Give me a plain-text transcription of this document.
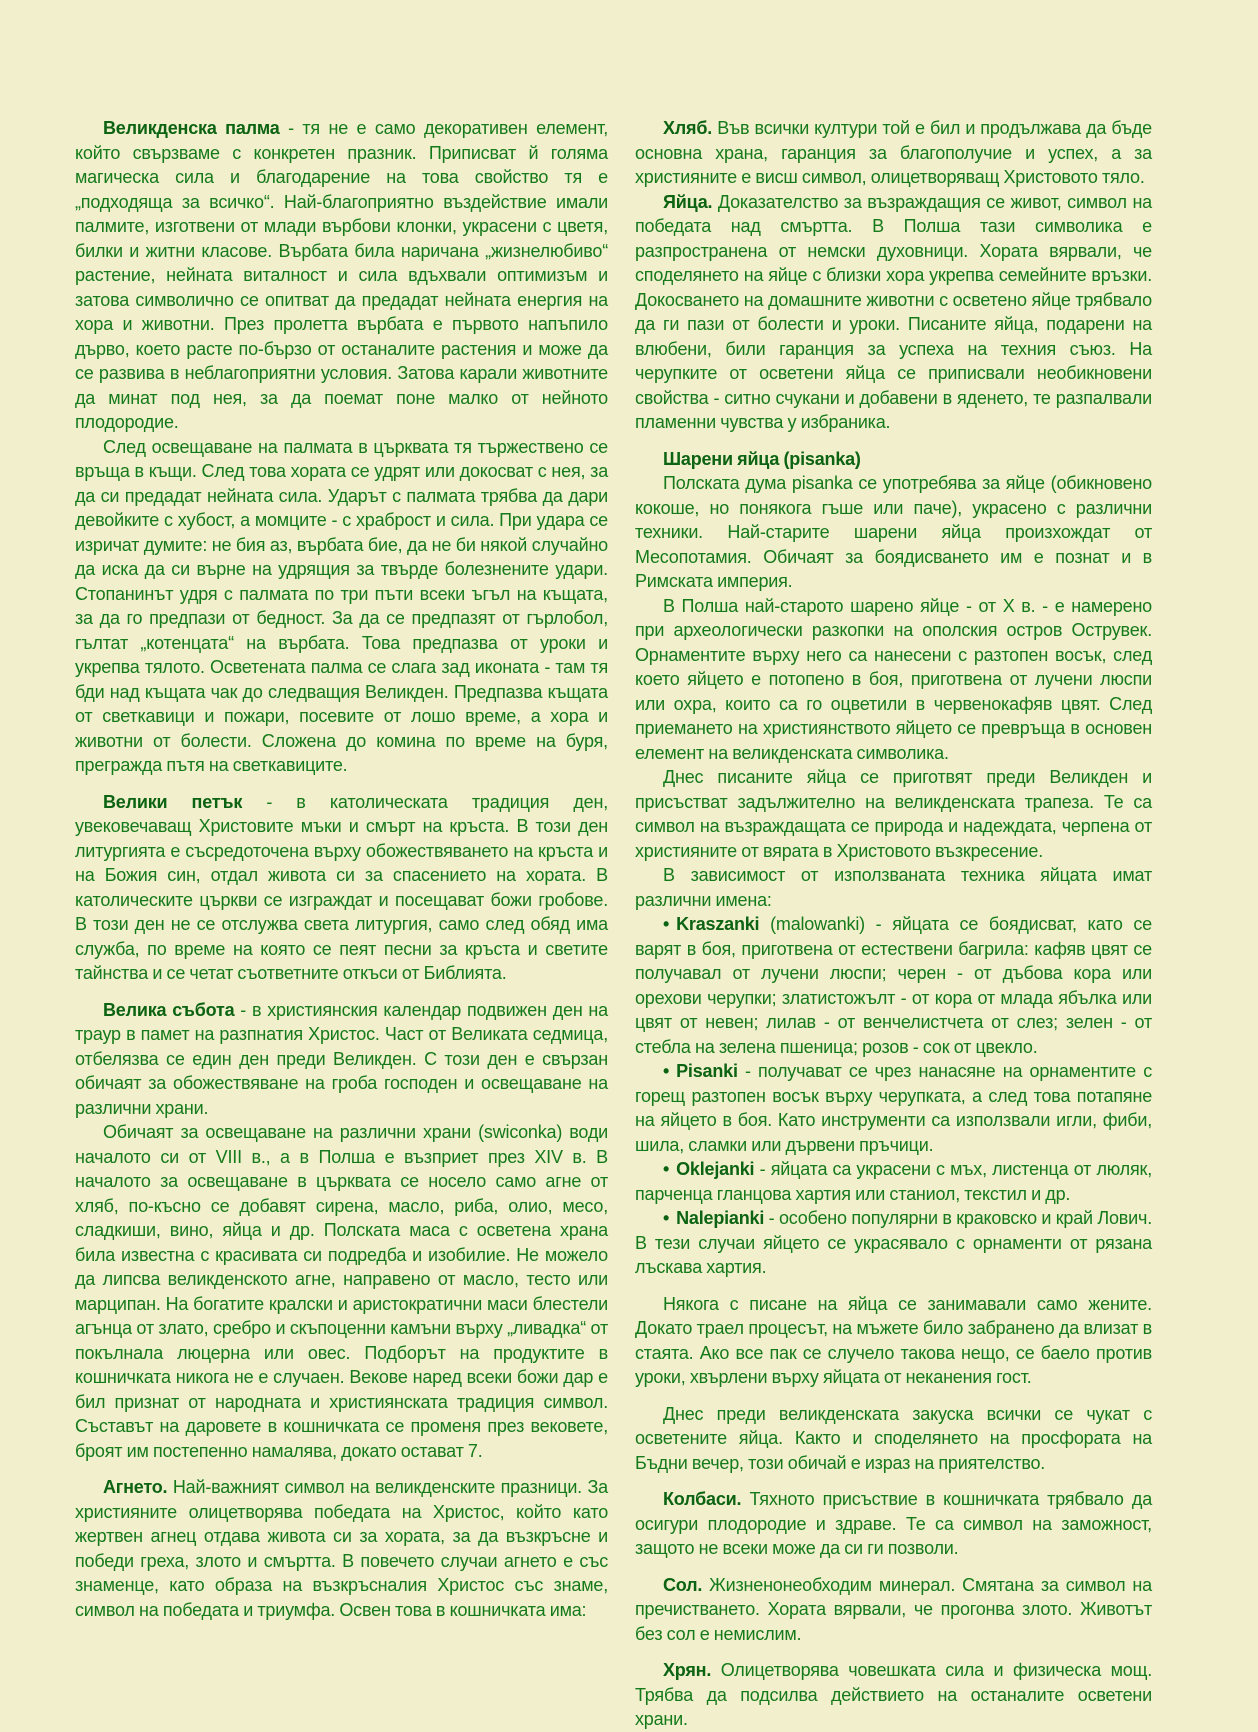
Великденска палма - тя не е само декоративен елемент, който свързваме с конкретен празник. Приписват й голяма магическа сила и благодарение на това свойство тя е „подходяща за всичко“. Най-благоприятно въздействие имали палмите, изготвени от млади върбови клонки, украсени с цветя, билки и житни класове. Върбата била наричана „жизнелюбиво“ растение, нейната виталност и сила вдъхвали оптимизъм и затова символично се опитват да предадат нейната енергия на хора и животни. През пролетта върбата е първото напъпило дърво, което расте по-бързо от останалите растения и може да се развива в неблагоприятни условия. Затова карали животните да минат под нея, за да поемат поне малко от нейното плодородие.

След освещаване на палмата в църквата тя тържествено се връща в къщи. След това хората се удрят или докосват с нея, за да си предадат нейната сила. Ударът с палмата трябва да дари девойките с хубост, а момците - с храброст и сила. При удара се изричат думите: не бия аз, върбата бие, да не би някой случайно да иска да си върне на удрящия за твърде болезнените удари. Стопанинът удря с палмата по три пъти всеки ъгъл на къщата, за да го предпази от бедност. За да се предпазят от гърлобол, гълтат „котенцата“ на върбата. Това предпазва от уроки и укрепва тялото. Осветената палма се слага зад иконата - там тя бди над къщата чак до следващия Великден. Предпазва къщата от светкавици и пожари, посевите от лошо време, а хора и животни от болести. Сложена до комина по време на буря, прегражда пътя на светкавиците.

Велики петък - в католическата традиция ден, увековечаващ Христовите мъки и смърт на кръста. В този ден литургията е съсредоточена върху обожествяването на кръста и на Божия син, отдал живота си за спасението на хората. В католическите църкви се изграждат и посещават божи гробове. В този ден не се отслужва света литургия, само след обяд има служба, по време на която се пеят песни за кръста и светите тайнства и се четат съответните откъси от Библията.

Велика събота - в християнския календар подвижен ден на траур в памет на разпнатия Христос. Част от Великата седмица, отбелязва се един ден преди Великден. С този ден е свързан обичаят за обожествяване на гроба господен и освещаване на различни храни.

Обичаят за освещаване на различни храни (swiconka) води началото си от VIII в., а в Полша е възприет през XIV в. В началото за освещаване в църквата се носело само агне от хляб, по-късно се добавят сирена, масло, риба, олио, месо, сладкиши, вино, яйца и др. Полската маса с осветена храна била известна с красивата си подредба и изобилие. Не можело да липсва великденското агне, направено от масло, тесто или марципан. На богатите кралски и аристократични маси блестели агънца от злато, сребро и скъпоценни камъни върху „ливадка“ от покълнала люцерна или овес. Подборът на продуктите в кошничката никога не е случаен. Векове наред всеки божи дар е бил признат от народната и християнската традиция символ. Съставът на даровете в кошничката се променя през вековете, броят им постепенно намалява, докато остават 7.

Агнето. Най-важният символ на великденските празници. За християните олицетворява победата на Христос, който като жертвен агнец отдава живота си за хората, за да възкръсне и победи греха, злото и смъртта. В повечето случаи агнето е със знаменце, като образа на възкръсналия Христос със знаме, символ на победата и триумфа. Освен това в кошничката има:

Хляб. Във всички култури той е бил и продължава да бъде основна храна, гаранция за благополучие и успех, а за християните е висш символ, олицетворяващ Христовото тяло.

Яйца. Доказателство за възраждащия се живот, символ на победата над смъртта. В Полша тази символика е разпространена от немски духовници. Хората вярвали, че споделянето на яйце с близки хора укрепва семейните връзки. Докосването на домашните животни с осветено яйце трябвало да ги пази от болести и уроки. Писаните яйца, подарени на влюбени, били гаранция за успеха на техния съюз. На черупките от осветени яйца се приписвали необикновени свойства - ситно счукани и добавени в яденето, те разпалвали пламенни чувства у избраника.

Шарени яйца (pisanka)

Полската дума pisanka се употребява за яйце (обикновено кокоше, но понякога гъше или паче), украсено с различни техники. Най-старите шарени яйца произхождат от Месопотамия. Обичаят за боядисването им е познат и в Римската империя.

В Полша най-старото шарено яйце - от X в. - е намерено при археологически разкопки на ополския остров Острувек. Орнаментите върху него са нанесени с разтопен восък, след което яйцето е потопено в боя, приготвена от лучени люспи или охра, които са го оцветили в червенокафяв цвят. След приемането на християнството яйцето се превръща в основен елемент на великденската символика.

Днес писаните яйца се приготвят преди Великден и присъстват задължително на великденската трапеза. Те са символ на възраждащата се природа и надеждата, черпена от християните от вярата в Христовото възкресение.

В зависимост от използваната техника яйцата имат различни имена:

• Kraszanki (malowanki) - яйцата се боядисват, като се варят в боя, приготвена от естествени багрила: кафяв цвят се получавал от лучени люспи; черен - от дъбова кора или орехови черупки; златистожълт - от кора от млада ябълка или цвят от невен; лилав - от венчелистчета от слез; зелен - от стебла на зелена пшеница; розов - сок от цвекло.

• Pisanki - получават се чрез нанасяне на орнаментите с горещ разтопен восък върху черупката, а след това потапяне на яйцето в боя. Като инструменти са използвали игли, фиби, шила, сламки или дървени пръчици.

• Oklejanki - яйцата са украсени с мъх, листенца от люляк, парченца гланцова хартия или станиол, текстил и др.

• Nalepianki - особено популярни в краковско и край Лович. В тези случаи яйцето се украсявало с орнаменти от рязана лъскава хартия.

Някога с писане на яйца се занимавали само жените. Докато траел процесът, на мъжете било забранено да влизат в стаята. Ако все пак се случело такова нещо, се баело против уроки, хвърлени върху яйцата от неканения гост.

Днес преди великденската закуска всички се чукат с осветените яйца. Както и споделянето на просфората на Бъдни вечер, този обичай е израз на приятелство.

Колбаси. Тяхното присъствие в кошничката трябвало да осигури плодородие и здраве. Те са символ на заможност, защото не всеки може да си ги позволи.

Сол. Жизненонеобходим минерал. Смятана за символ на пречистването. Хората вярвали, че прогонва злото. Животът без сол е немислим.

Хрян. Олицетворява човешката сила и физическа мощ. Трябва да подсилва действието на останалите осветени храни.
